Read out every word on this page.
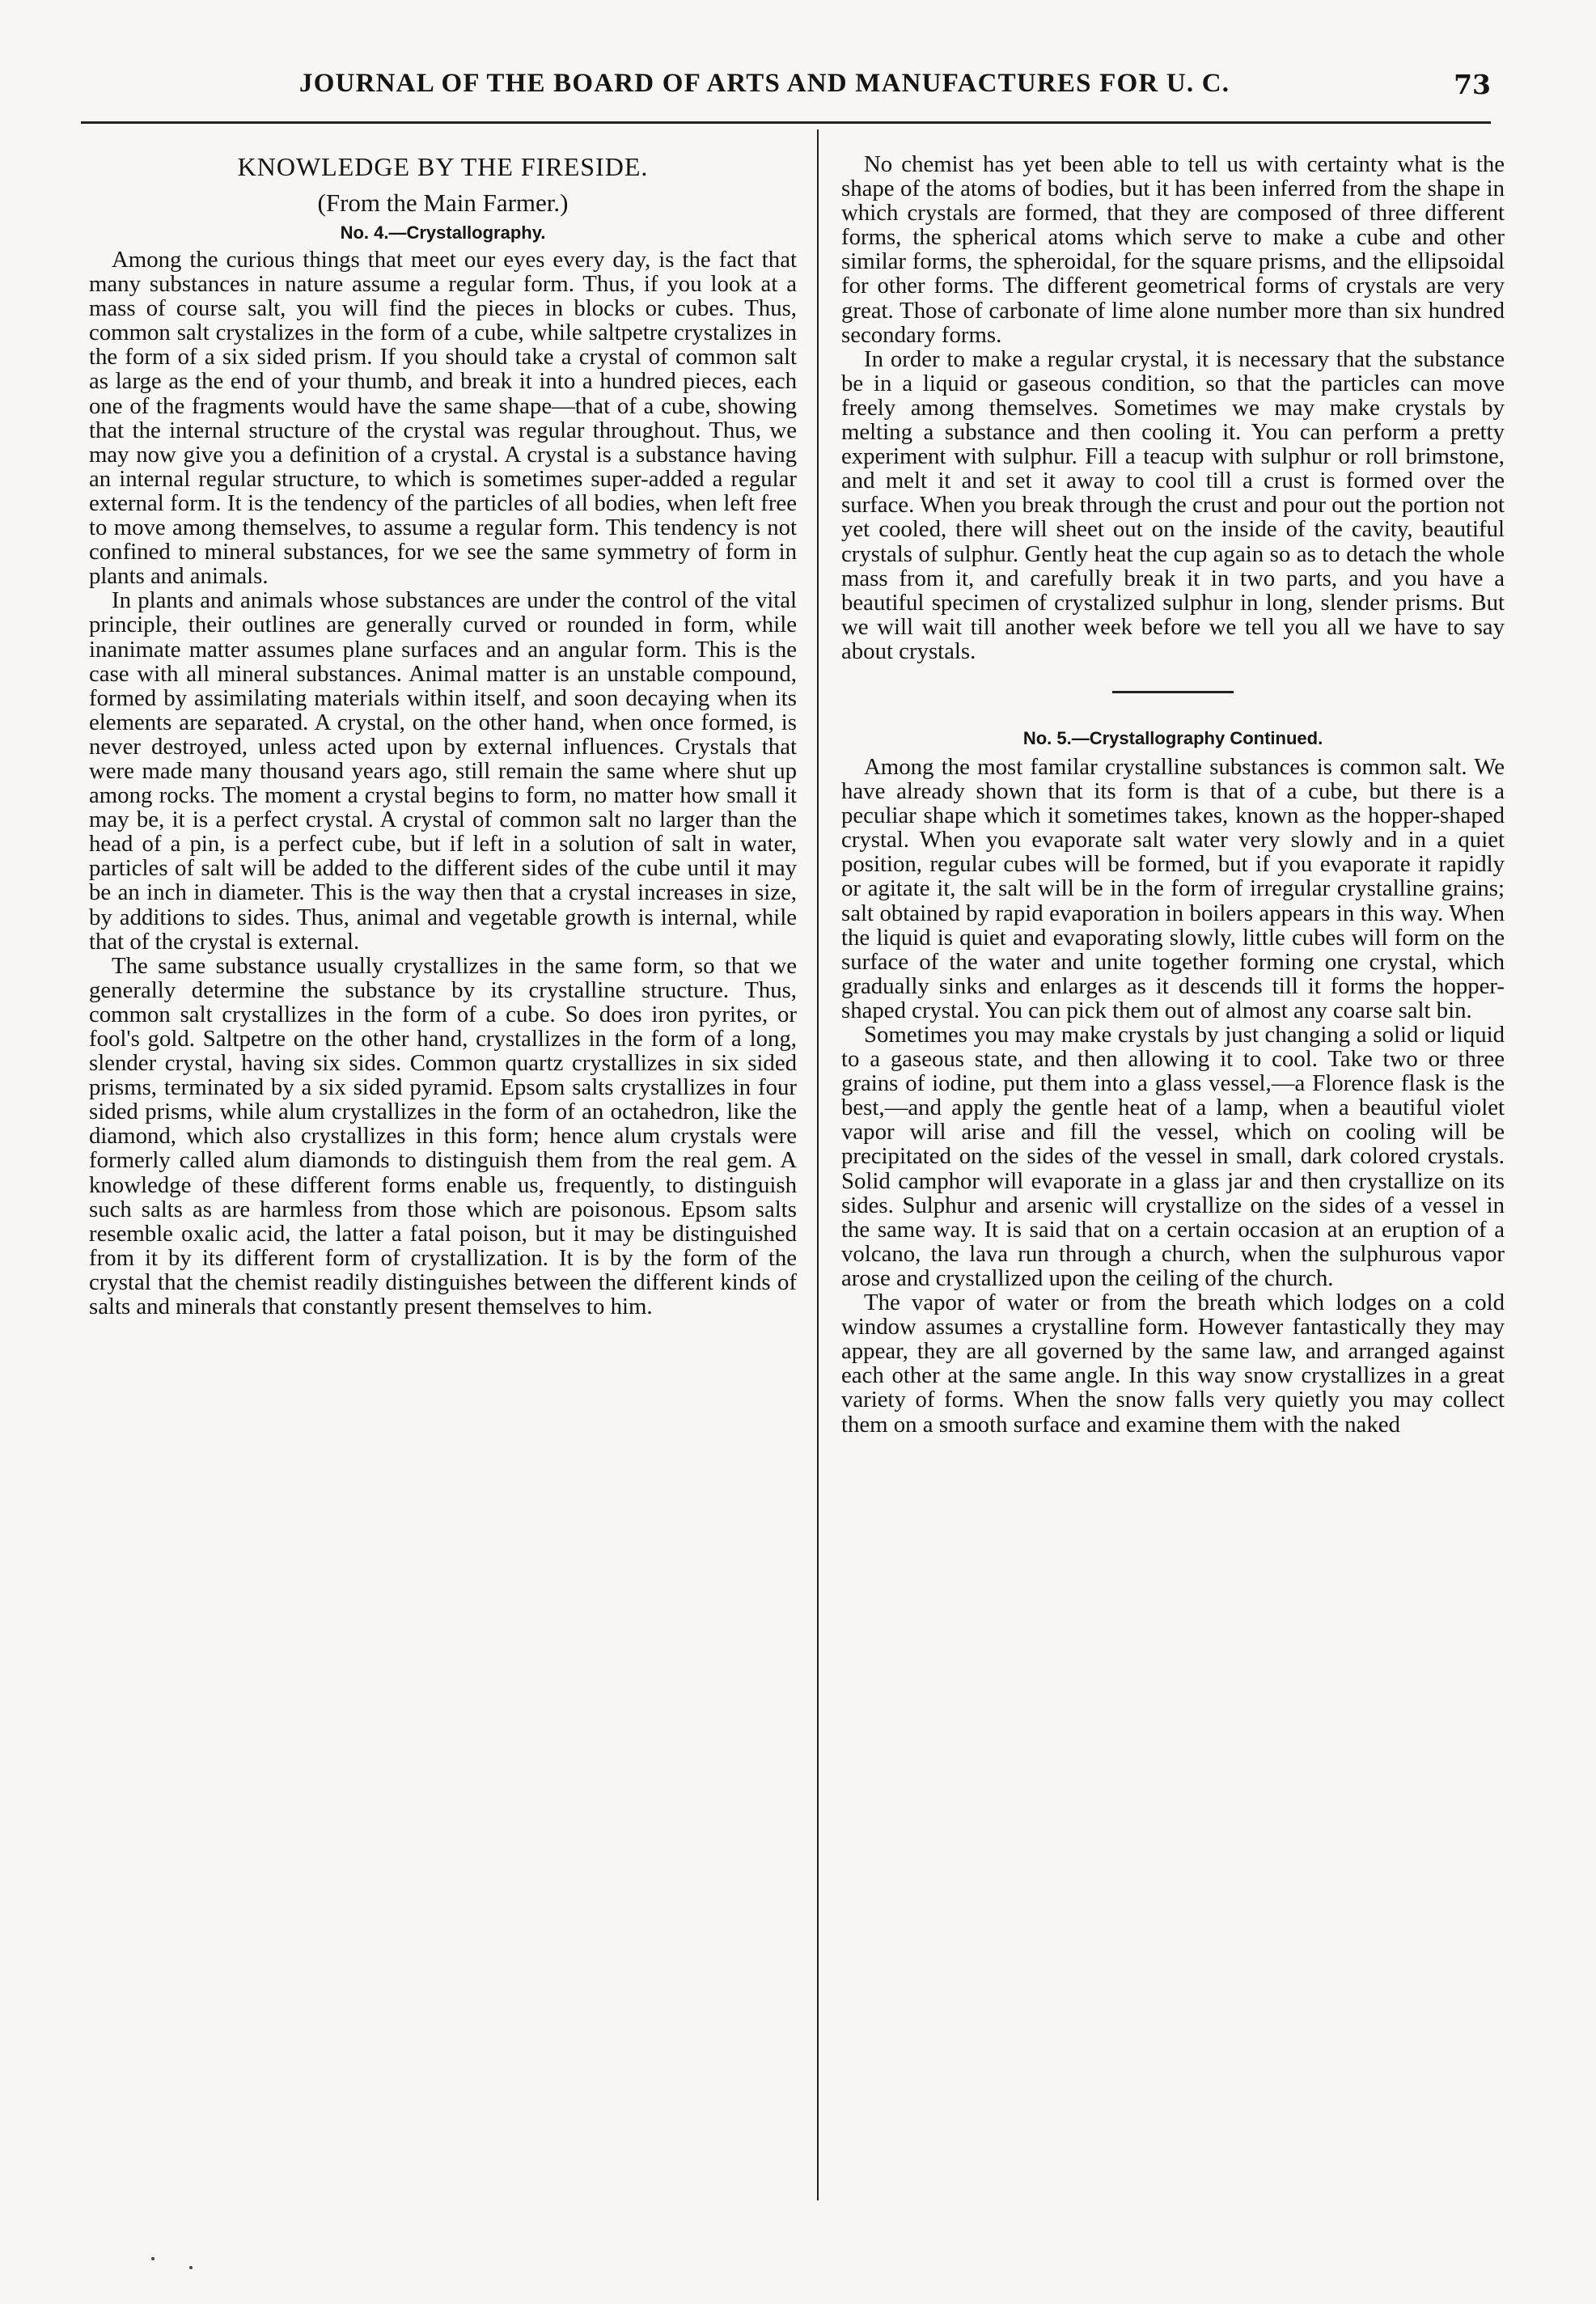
JOURNAL OF THE BOARD OF ARTS AND MANUFACTURES FOR U. C.	73
KNOWLEDGE BY THE FIRESIDE.
(From the Main Farmer.)
No. 4.—Crystallography.

Among the curious things that meet our eyes every day, is the fact that many substances in nature assume a regular form. Thus, if you look at a mass of course salt, you will find the pieces in blocks or cubes. Thus, common salt crystalizes in the form of a cube, while saltpetre crystalizes in the form of a six sided prism. If you should take a crystal of common salt as large as the end of your thumb, and break it into a hundred pieces, each one of the fragments would have the same shape—that of a cube, showing that the internal structure of the crystal was regular throughout. Thus, we may now give you a definition of a crystal. A crystal is a substance having an internal regular structure, to which is sometimes super-added a regular external form. It is the tendency of the particles of all bodies, when left free to move among themselves, to assume a regular form. This tendency is not confined to mineral substances, for we see the same symmetry of form in plants and animals.

In plants and animals whose substances are under the control of the vital principle, their outlines are generally curved or rounded in form, while inanimate matter assumes plane surfaces and an angular form. This is the case with all mineral substances. Animal matter is an unstable compound, formed by assimilating materials within itself, and soon decaying when its elements are separated. A crystal, on the other hand, when once formed, is never destroyed, unless acted upon by external influences. Crystals that were made many thousand years ago, still remain the same where shut up among rocks. The moment a crystal begins to form, no matter how small it may be, it is a perfect crystal. A crystal of common salt no larger than the head of a pin, is a perfect cube, but if left in a solution of salt in water, particles of salt will be added to the different sides of the cube until it may be an inch in diameter. This is the way then that a crystal increases in size, by additions to sides. Thus, animal and vegetable growth is internal, while that of the crystal is external.

The same substance usually crystallizes in the same form, so that we generally determine the substance by its crystalline structure. Thus, common salt crystallizes in the form of a cube. So does iron pyrites, or fool's gold. Saltpetre on the other hand, crystallizes in the form of a long, slender crystal, having six sides. Common quartz crystallizes in six sided prisms, terminated by a six sided pyramid. Epsom salts crystallizes in four sided prisms, while alum crystallizes in the form of an octahedron, like the diamond, which also crystallizes in this form; hence alum crystals were formerly called alum diamonds to distinguish them from the real gem. A knowledge of these different forms enable us, frequently, to distinguish such salts as are harmless from those which are poisonous. Epsom salts resemble oxalic acid, the latter a fatal poison, but it may be distinguished from it by its different form of crystallization. It is by the form of the crystal that the chemist readily distinguishes between the different kinds of salts and minerals that constantly present themselves to him.

No chemist has yet been able to tell us with certainty what is the shape of the atoms of bodies, but it has been inferred from the shape in which crystals are formed, that they are composed of three different forms, the spherical atoms which serve to make a cube and other similar forms, the spheroidal, for the square prisms, and the ellipsoidal for other forms. The different geometrical forms of crystals are very great. Those of carbonate of lime alone number more than six hundred secondary forms.

In order to make a regular crystal, it is necessary that the substance be in a liquid or gaseous condition, so that the particles can move freely among themselves. Sometimes we may make crystals by melting a substance and then cooling it. You can perform a pretty experiment with sulphur. Fill a teacup with sulphur or roll brimstone, and melt it and set it away to cool till a crust is formed over the surface. When you break through the crust and pour out the portion not yet cooled, there will sheet out on the inside of the cavity, beautiful crystals of sulphur. Gently heat the cup again so as to detach the whole mass from it, and carefully break it in two parts, and you have a beautiful specimen of crystalized sulphur in long, slender prisms. But we will wait till another week before we tell you all we have to say about crystals.

No. 5.—Crystallography Continued.

Among the most familar crystalline substances is common salt. We have already shown that its form is that of a cube, but there is a peculiar shape which it sometimes takes, known as the hopper-shaped crystal. When you evaporate salt water very slowly and in a quiet position, regular cubes will be formed, but if you evaporate it rapidly or agitate it, the salt will be in the form of irregular crystalline grains; salt obtained by rapid evaporation in boilers appears in this way. When the liquid is quiet and evaporating slowly, little cubes will form on the surface of the water and unite together forming one crystal, which gradually sinks and enlarges as it descends till it forms the hopper-shaped crystal. You can pick them out of almost any coarse salt bin.

Sometimes you may make crystals by just changing a solid or liquid to a gaseous state, and then allowing it to cool. Take two or three grains of iodine, put them into a glass vessel,—a Florence flask is the best,—and apply the gentle heat of a lamp, when a beautiful violet vapor will arise and fill the vessel, which on cooling will be precipitated on the sides of the vessel in small, dark colored crystals. Solid camphor will evaporate in a glass jar and then crystallize on its sides. Sulphur and arsenic will crystallize on the sides of a vessel in the same way. It is said that on a certain occasion at an eruption of a volcano, the lava run through a church, when the sulphurous vapor arose and crystallized upon the ceiling of the church.

The vapor of water or from the breath which lodges on a cold window assumes a crystalline form. However fantastically they may appear, they are all governed by the same law, and arranged against each other at the same angle. In this way snow crystallizes in a great variety of forms. When the snow falls very quietly you may collect them on a smooth surface and examine them with the naked
